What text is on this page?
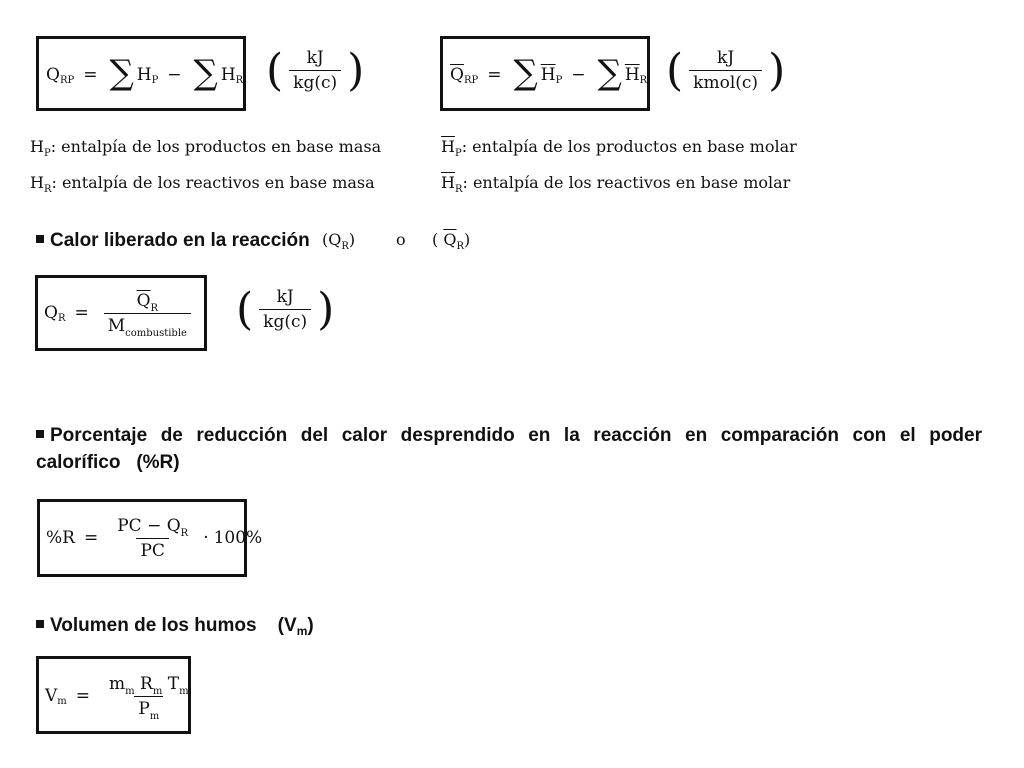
Q RP = ∑ H P − ∑ H R ( $\frac{kJ}{kg(c)}$ )	$\overline{Q}$ RP = ∑ $\overline{H}$ P − ∑ $\overline{H}$ R ( $\frac{kJ}{\text{kmol(c)}}$ )
$H_P$: entalpía de los productos en base masa
$H_R$: entalpía de los reactivos en base masa
$\overline{H}_P$: entalpía de los productos en base molar
$\overline{H}_R$: entalpía de los reactivos en base molar
Calor liberado en la reacción $(Q_R)$	o ( $\overline{Q}_R$)
Q $R = \frac{\overline{Q}_R}{M_{combustible}}$ ( $\frac{kJ}{kg(c)}$ )
Porcentaje de reducción del calor desprendido en la reacción en comparación con el poder calorífico (%R)
$\%R = \frac{PC - Q_R}{PC} \cdot 100\%$
Volumen de los humos    $(V_m)$
V $m = \frac{m_m R_m T_m}{P_m}$
